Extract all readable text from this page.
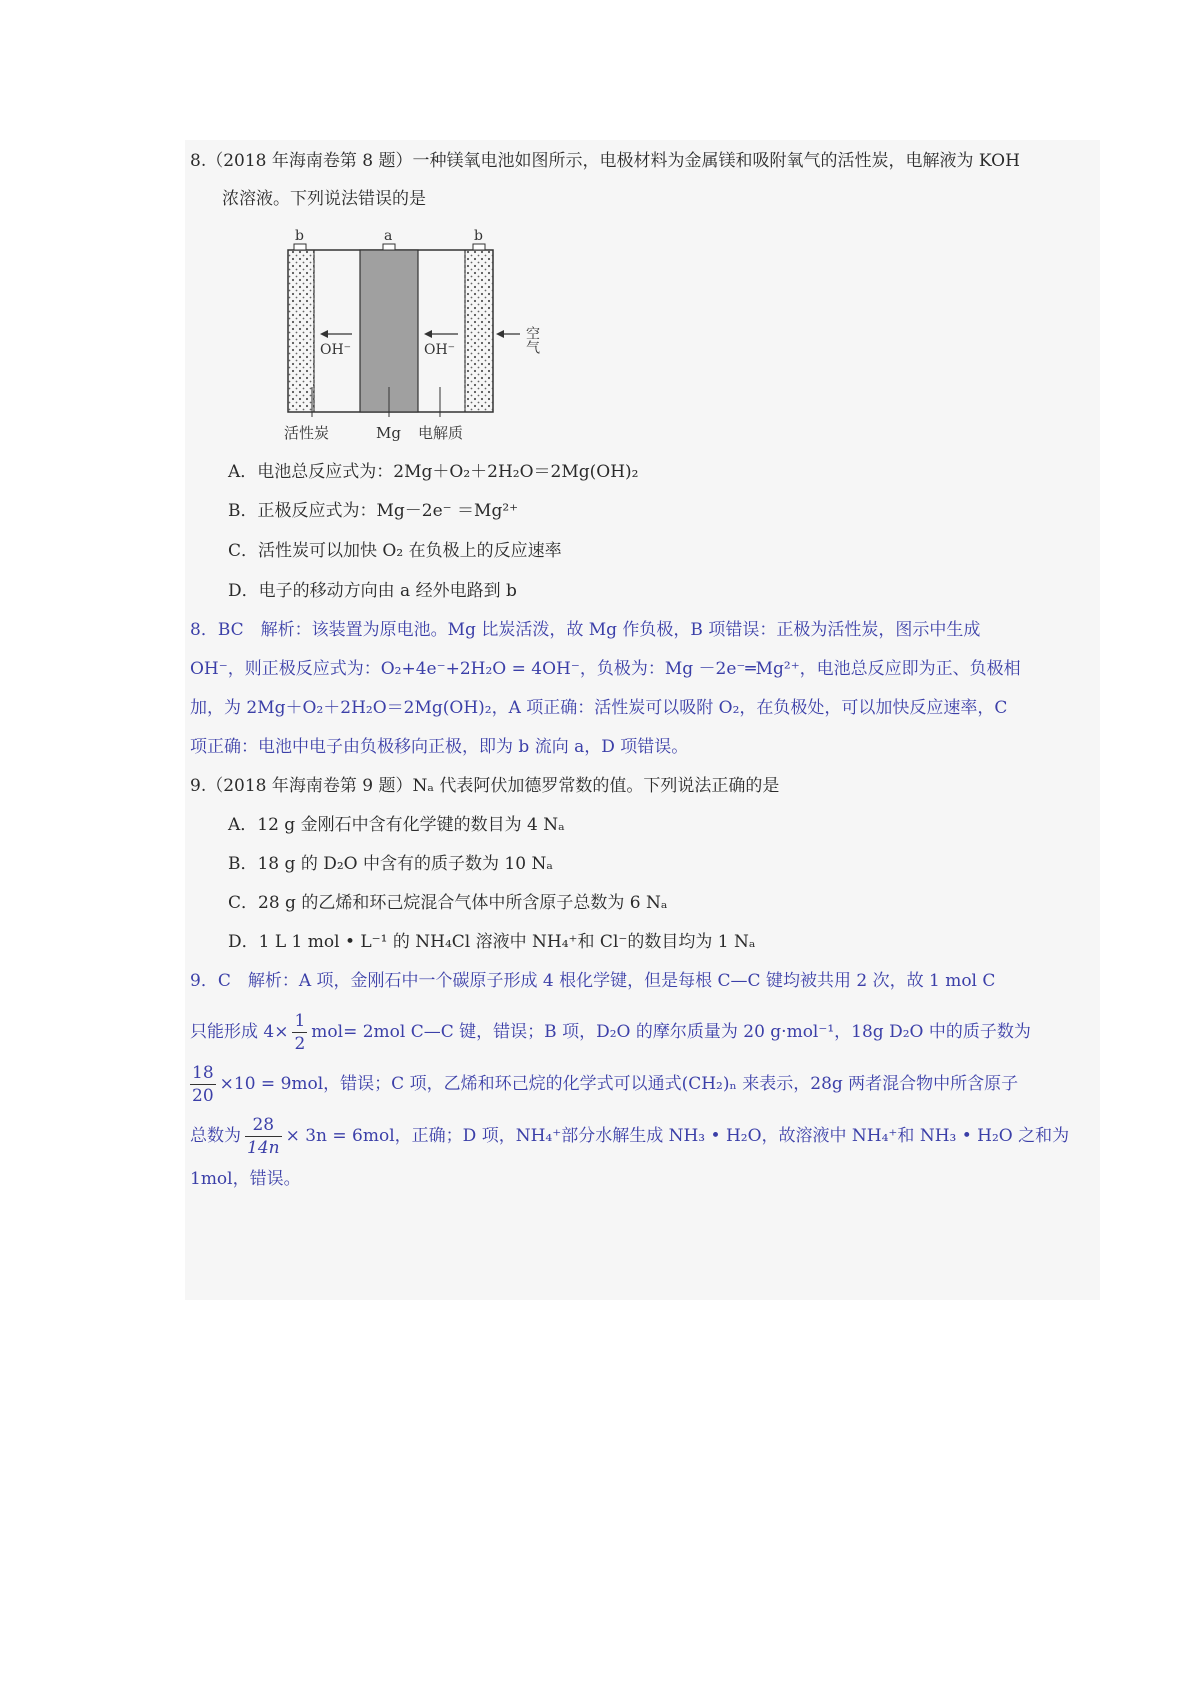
8.（2018 年海南卷第 8 题）一种镁氧电池如图所示，电极材料为金属镁和吸附氧气的活性炭，电解液为 KOH
浓溶液。下列说法错误的是
b	a	b
OH⁻	OH⁻	空气
活性炭	Mg 电解质
A．电池总反应式为：2Mg＋O₂＋2H₂O＝2Mg(OH)₂
B．正极反应式为：Mg－2e⁻ ＝Mg²⁺
C．活性炭可以加快 O₂ 在负极上的反应速率
D．电子的移动方向由 a 经外电路到 b
8．BC　解析：该装置为原电池。Mg 比炭活泼，故 Mg 作负极，B 项错误：正极为活性炭，图示中生成
OH⁻，则正极反应式为：O₂+4e⁻+2H₂O = 4OH⁻，负极为：Mg －2e⁻═Mg²⁺，电池总反应即为正、负极相
加，为 2Mg＋O₂＋2H₂O＝2Mg(OH)₂，A 项正确：活性炭可以吸附 O₂，在负极处，可以加快反应速率，C
项正确：电池中电子由负极移向正极，即为 b 流向 a，D 项错误。
9.（2018 年海南卷第 9 题）Nₐ 代表阿伏加德罗常数的值。下列说法正确的是
A．12 g 金刚石中含有化学键的数目为 4 Nₐ
B．18 g 的 D₂O 中含有的质子数为 10 Nₐ
C．28 g 的乙烯和环己烷混合气体中所含原子总数为 6 Nₐ
D．1 L 1 mol • L⁻¹ 的 NH₄Cl 溶液中 NH₄⁺和 Cl⁻的数目均为 1 Nₐ
9．C　解析：A 项，金刚石中一个碳原子形成 4 根化学键，但是每根 C—C 键均被共用 2 次，故 1 mol C
只能形成 $4\times \frac{1}{2} mol= 2mol$ C—C 键，错误；B 项，D₂O 的摩尔质量为 20 g·mol⁻¹，18g D₂O 中的质子数为
$\frac{18}{20} \times 10 = 9mol$，错误；C 项，乙烯和环己烷的化学式可以通式(CH₂)ₙ 来表示，28g 两者混合物中所含原子
总数为 $\frac{28}{14n} \times 3n = 6mol$，正确；D 项，NH₄⁺部分水解生成 NH₃ • H₂O，故溶液中 NH₄⁺和 NH₃ • H₂O 之和为
1mol，错误。
